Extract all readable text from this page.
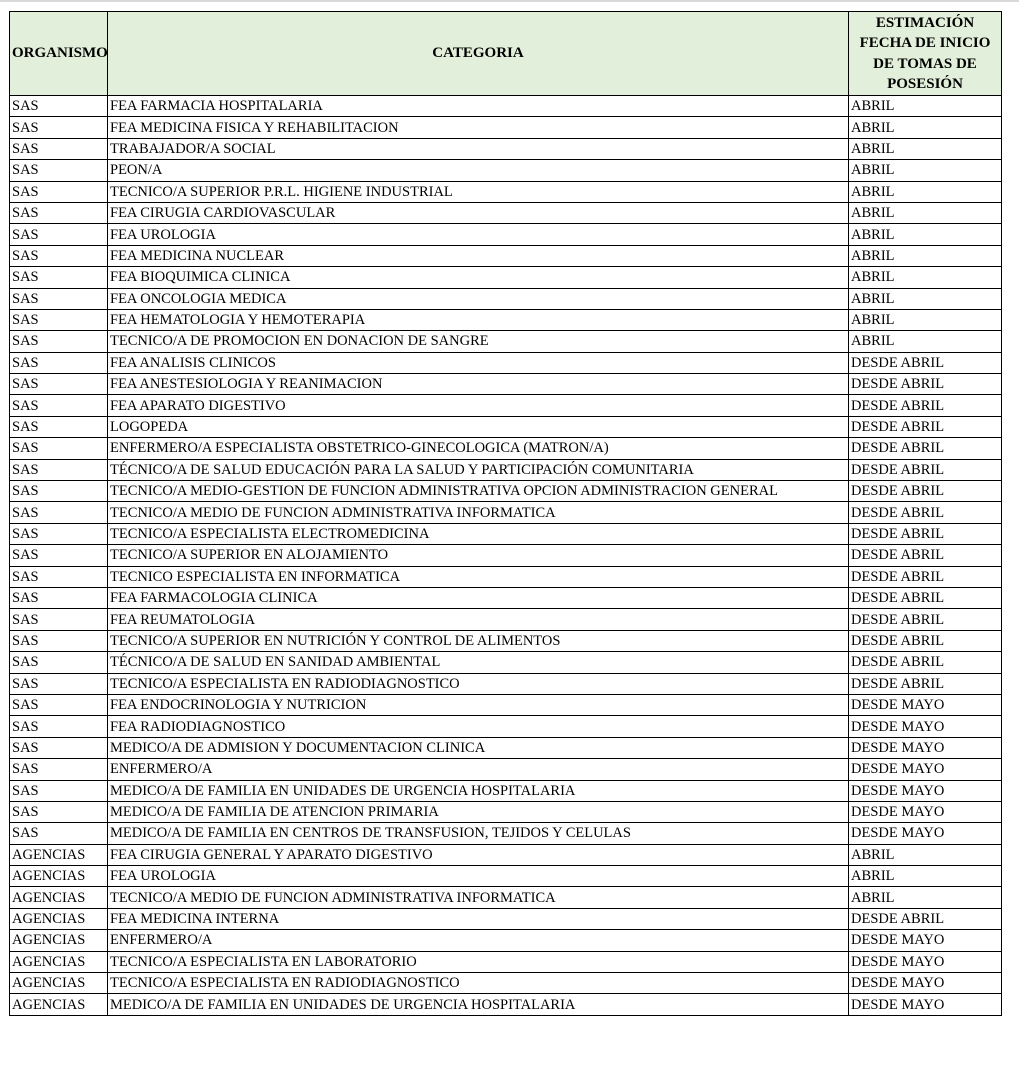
ORGANISMO	CATEGORIA	ESTIMACIÓN FECHA DE INICIO DE TOMAS DE POSESIÓN
SAS	FEA FARMACIA HOSPITALARIA	ABRIL
SAS	FEA MEDICINA FISICA Y REHABILITACION	ABRIL
SAS	TRABAJADOR/A SOCIAL	ABRIL
SAS	PEON/A	ABRIL
SAS	TECNICO/A SUPERIOR P.R.L. HIGIENE INDUSTRIAL	ABRIL
SAS	FEA CIRUGIA CARDIOVASCULAR	ABRIL
SAS	FEA UROLOGIA	ABRIL
SAS	FEA MEDICINA NUCLEAR	ABRIL
SAS	FEA BIOQUIMICA CLINICA	ABRIL
SAS	FEA ONCOLOGIA MEDICA	ABRIL
SAS	FEA HEMATOLOGIA Y HEMOTERAPIA	ABRIL
SAS	TECNICO/A DE PROMOCION EN DONACION DE SANGRE	ABRIL
SAS	FEA ANALISIS CLINICOS	DESDE ABRIL
SAS	FEA ANESTESIOLOGIA Y REANIMACION	DESDE ABRIL
SAS	FEA APARATO DIGESTIVO	DESDE ABRIL
SAS	LOGOPEDA	DESDE ABRIL
SAS	ENFERMERO/A ESPECIALISTA OBSTETRICO-GINECOLOGICA (MATRON/A)	DESDE ABRIL
SAS	TÉCNICO/A DE SALUD EDUCACIÓN PARA LA SALUD Y PARTICIPACIÓN COMUNITARIA	DESDE ABRIL
SAS	TECNICO/A MEDIO-GESTION DE FUNCION ADMINISTRATIVA OPCION ADMINISTRACION GENERAL	DESDE ABRIL
SAS	TECNICO/A MEDIO DE FUNCION ADMINISTRATIVA INFORMATICA	DESDE ABRIL
SAS	TECNICO/A ESPECIALISTA ELECTROMEDICINA	DESDE ABRIL
SAS	TECNICO/A SUPERIOR EN ALOJAMIENTO	DESDE ABRIL
SAS	TECNICO ESPECIALISTA EN INFORMATICA	DESDE ABRIL
SAS	FEA FARMACOLOGIA CLINICA	DESDE ABRIL
SAS	FEA REUMATOLOGIA	DESDE ABRIL
SAS	TECNICO/A SUPERIOR EN NUTRICIÓN Y CONTROL DE ALIMENTOS	DESDE ABRIL
SAS	TÉCNICO/A DE SALUD EN SANIDAD AMBIENTAL	DESDE ABRIL
SAS	TECNICO/A ESPECIALISTA EN RADIODIAGNOSTICO	DESDE ABRIL
SAS	FEA ENDOCRINOLOGIA Y NUTRICION	DESDE MAYO
SAS	FEA RADIODIAGNOSTICO	DESDE MAYO
SAS	MEDICO/A DE ADMISION Y DOCUMENTACION CLINICA	DESDE MAYO
SAS	ENFERMERO/A	DESDE MAYO
SAS	MEDICO/A DE FAMILIA EN UNIDADES DE URGENCIA HOSPITALARIA	DESDE MAYO
SAS	MEDICO/A DE FAMILIA DE ATENCION PRIMARIA	DESDE MAYO
SAS	MEDICO/A DE FAMILIA EN CENTROS DE TRANSFUSION, TEJIDOS Y CELULAS	DESDE MAYO
AGENCIAS	FEA CIRUGIA GENERAL Y APARATO DIGESTIVO	ABRIL
AGENCIAS	FEA UROLOGIA	ABRIL
AGENCIAS	TECNICO/A MEDIO DE FUNCION ADMINISTRATIVA INFORMATICA	ABRIL
AGENCIAS	FEA MEDICINA INTERNA	DESDE ABRIL
AGENCIAS	ENFERMERO/A	DESDE MAYO
AGENCIAS	TECNICO/A ESPECIALISTA EN LABORATORIO	DESDE MAYO
AGENCIAS	TECNICO/A ESPECIALISTA EN RADIODIAGNOSTICO	DESDE MAYO
AGENCIAS	MEDICO/A DE FAMILIA EN UNIDADES DE URGENCIA HOSPITALARIA	DESDE MAYO
